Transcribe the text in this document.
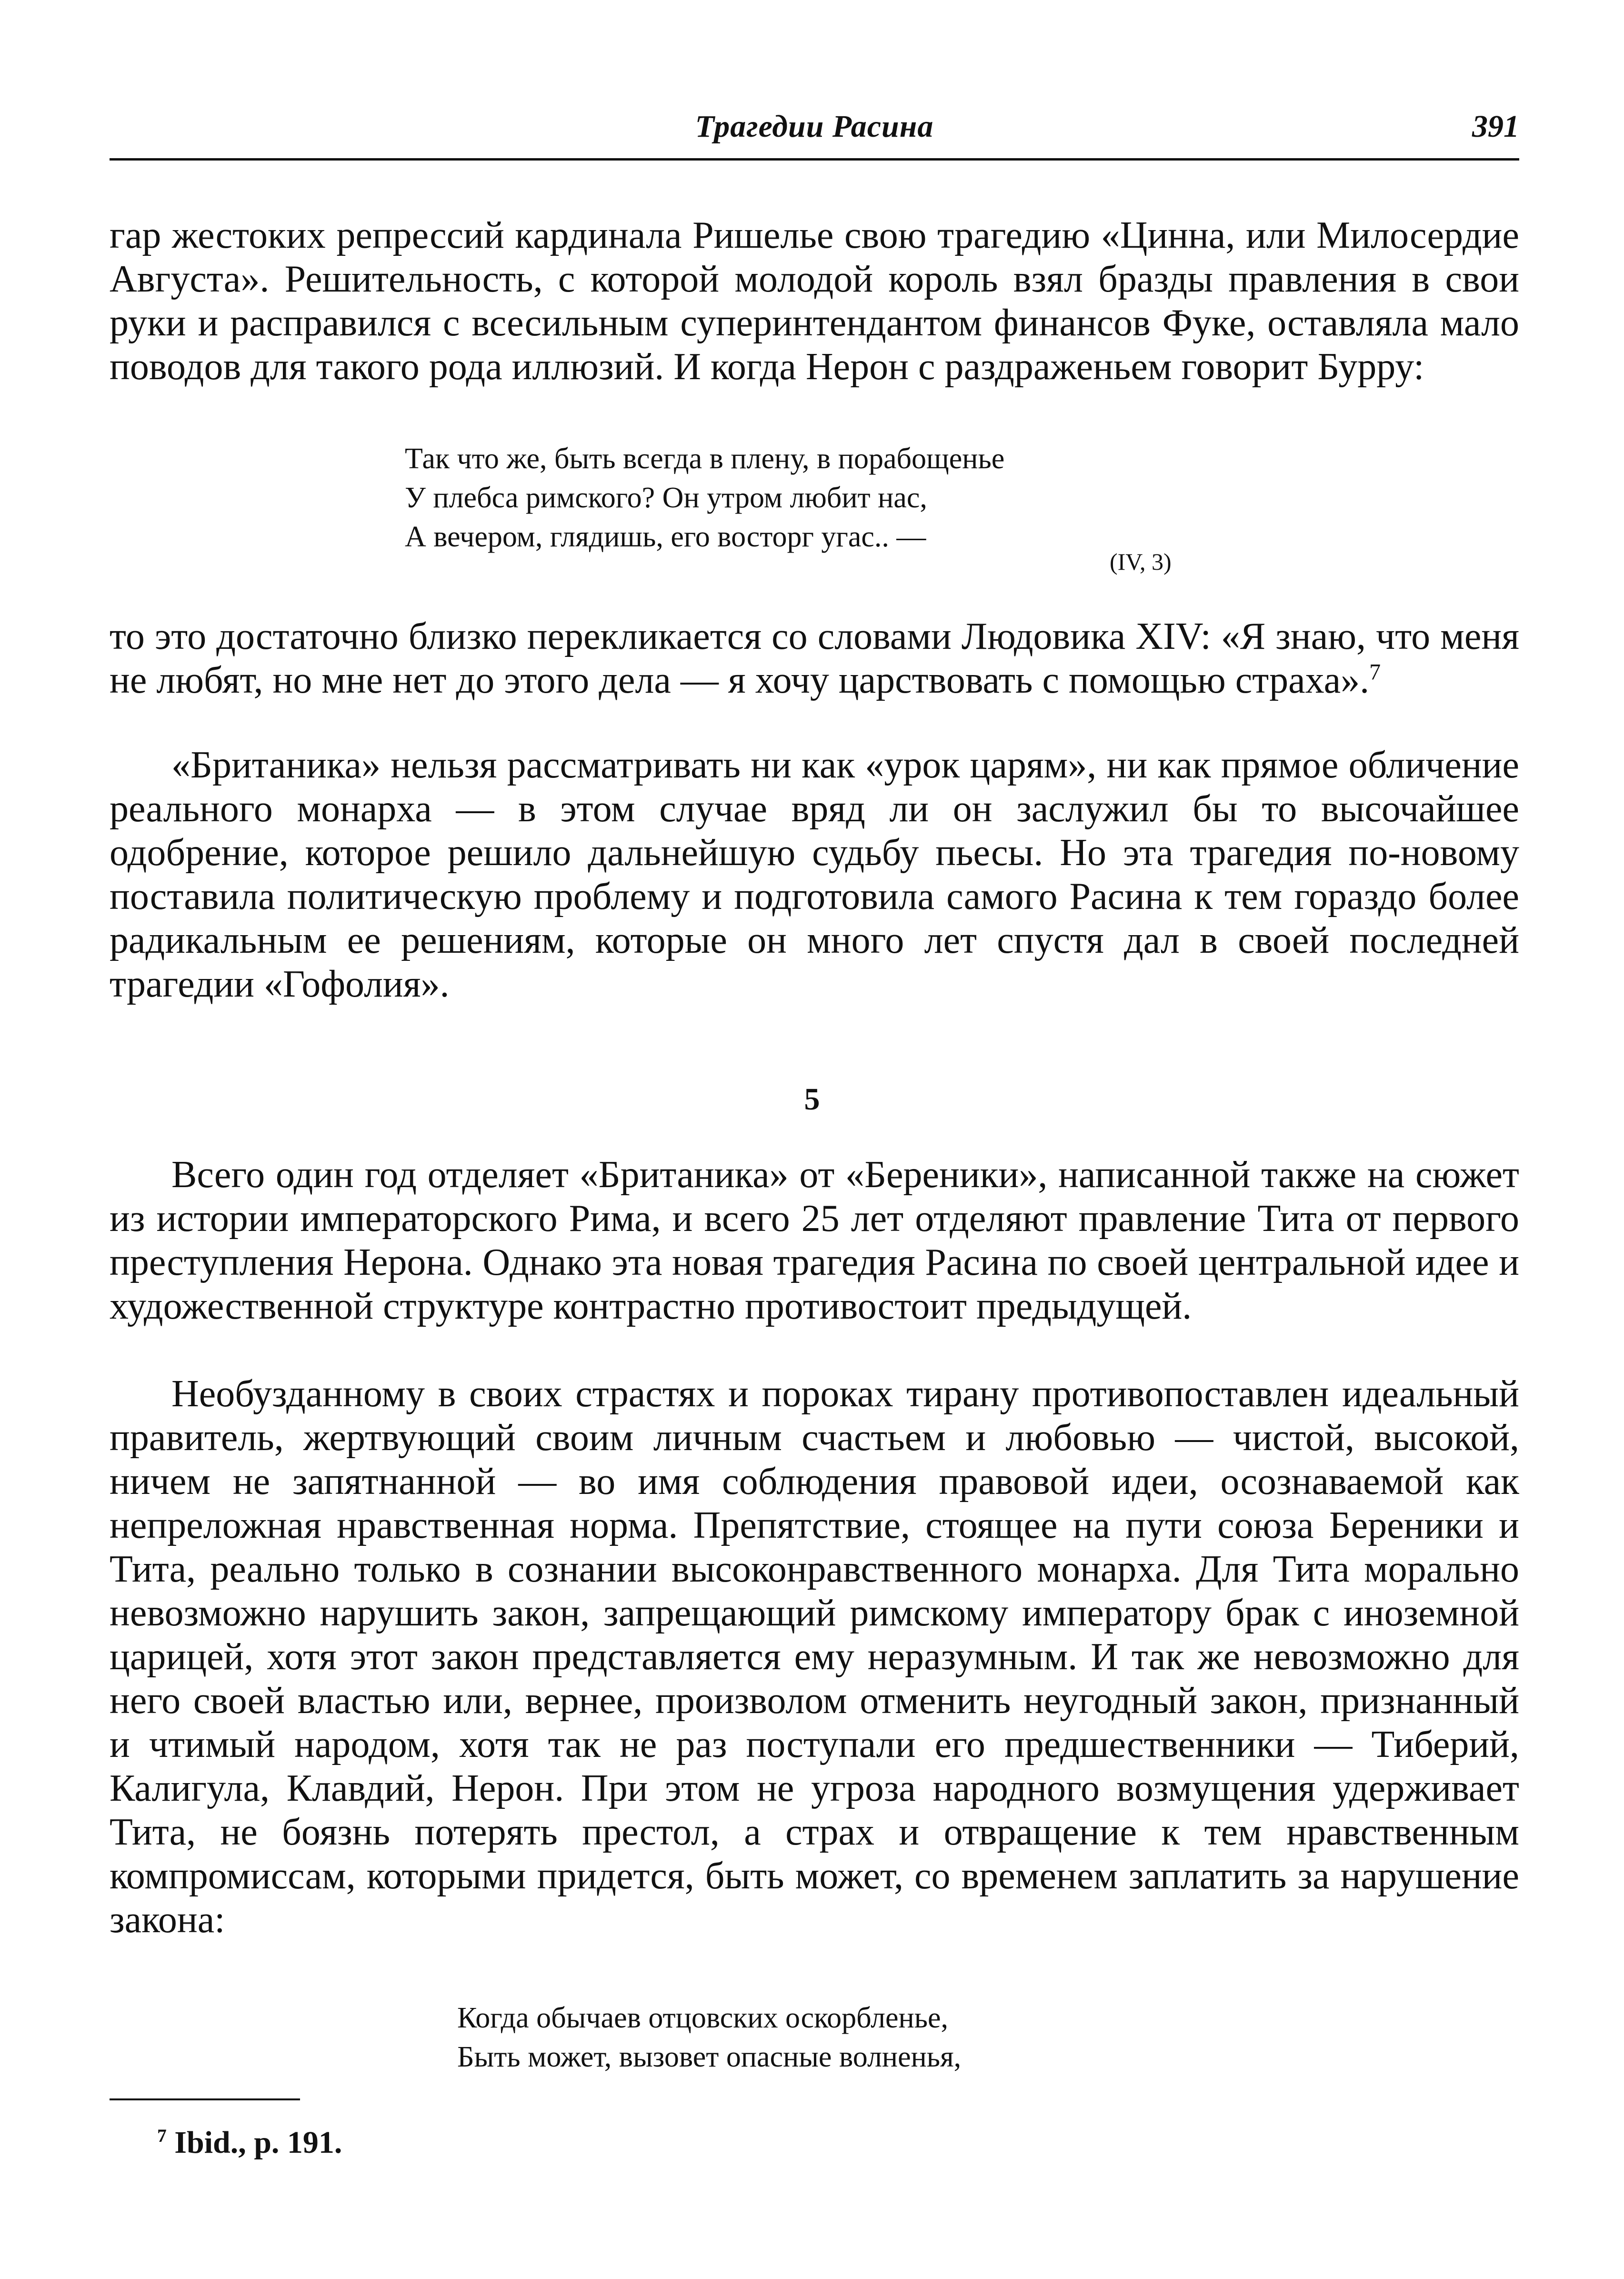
Трагедии Расина	391

гар жестоких репрессий кардинала Ришелье свою трагедию «Цинна, или Милосердие Августа». Решительность, с которой молодой король взял бразды правления в свои руки и расправился с всесильным суперинтендантом финансов Фуке, оставляла мало поводов для такого рода иллюзий. И когда Нерон с раздраженьем говорит Бурру:

Так что же, быть всегда в плену, в порабощенье
У плебса римского? Он утром любит нас,
А вечером, глядишь, его восторг угас.. —
(IV, 3)

то это достаточно близко перекликается со словами Людовика XIV: «Я знаю, что меня не любят, но мне нет до этого дела — я хочу царствовать с помощью страха».$^7$

«Британика» нельзя рассматривать ни как «урок царям», ни как прямое обличение реального монарха — в этом случае вряд ли он заслужил бы то высочайшее одобрение, которое решило дальнейшую судьбу пьесы. Но эта трагедия по-новому поставила политическую проблему и подготовила самого Расина к тем гораздо более радикальным ее решениям, которые он много лет спустя дал в своей последней трагедии «Гофолия».

5

Всего один год отделяет «Британика» от «Береники», написанной также на сюжет из истории императорского Рима, и всего 25 лет отделяют правление Тита от первого преступления Нерона. Однако эта новая трагедия Расина по своей центральной идее и художественной структуре контрастно противостоит предыдущей.

Необузданному в своих страстях и пороках тирану противопоставлен идеальный правитель, жертвующий своим личным счастьем и любовью — чистой, высокой, ничем не запятнанной — во имя соблюдения правовой идеи, осознаваемой как непреложная нравственная норма. Препятствие, стоящее на пути союза Береники и Тита, реально только в сознании высоконравственного монарха. Для Тита морально невозможно нарушить закон, запрещающий римскому императору брак с иноземной царицей, хотя этот закон представляется ему неразумным. И так же невозможно для него своей властью или, вернее, произволом отменить неугодный закон, признанный и чтимый народом, хотя так не раз поступали его предшественники — Тиберий, Калигула, Клавдий, Нерон. При этом не угроза народного возмущения удерживает Тита, не боязнь потерять престол, а страх и отвращение к тем нравственным компромиссам, которыми придется, быть может, со временем заплатить за нарушение закона:

Когда обычаев отцовских оскорбленье,
Быть может, вызовет опасные волненья,
$^7$ Ibid., p. 191.
